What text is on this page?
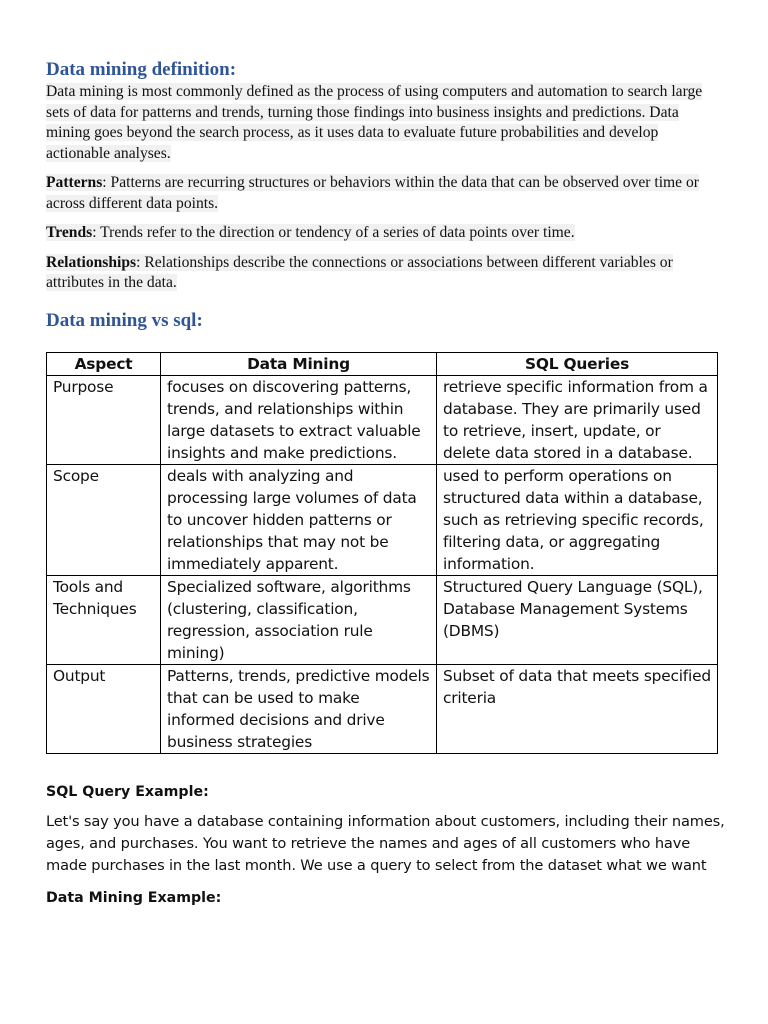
Data mining definition:

Data mining is most commonly defined as the process of using computers and automation to search large sets of data for patterns and trends, turning those findings into business insights and predictions. Data mining goes beyond the search process, as it uses data to evaluate future probabilities and develop actionable analyses.

Patterns: Patterns are recurring structures or behaviors within the data that can be observed over time or across different data points.

Trends: Trends refer to the direction or tendency of a series of data points over time.

Relationships: Relationships describe the connections or associations between different variables or attributes in the data.

Data mining vs sql:
Aspect	Data Mining	SQL Queries
Purpose	focuses on discovering patterns, trends, and relationships within large datasets to extract valuable insights and make predictions.	retrieve specific information from a database. They are primarily used to retrieve, insert, update, or delete data stored in a database.
Scope	deals with analyzing and processing large volumes of data to uncover hidden patterns or relationships that may not be immediately apparent.	used to perform operations on structured data within a database, such as retrieving specific records, filtering data, or aggregating information.
Tools and Techniques	Specialized software, algorithms (clustering, classification, regression, association rule mining)	Structured Query Language (SQL), Database Management Systems (DBMS)
Output	Patterns, trends, predictive models that can be used to make informed decisions and drive business strategies	Subset of data that meets specified criteria

SQL Query Example:

Let's say you have a database containing information about customers, including their names, ages, and purchases. You want to retrieve the names and ages of all customers who have made purchases in the last month. We use a query to select from the dataset what we want

Data Mining Example:
